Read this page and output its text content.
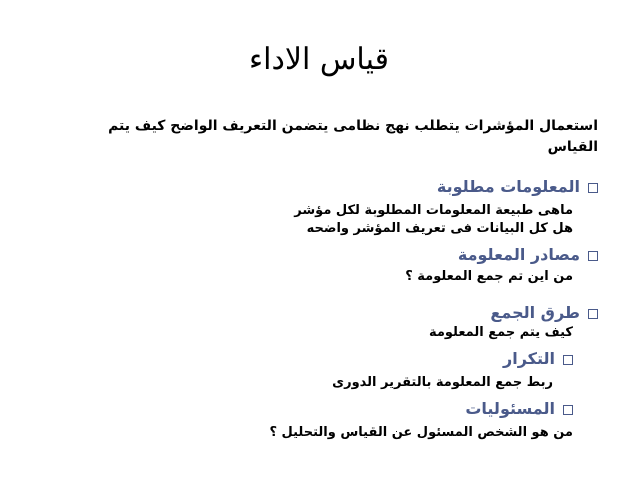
قياس الاداء
استعمال المؤشرات يتطلب نهج نظامى يتضمن التعريف الواضح كيف يتم القياس
المعلومات مطلوبة
ماهى طبيعة المعلومات المطلوبة لكل مؤشر
هل كل البيانات فى تعريف المؤشر واضحه
مصادر المعلومة
من اين تم جمع المعلومة ؟
طرق الجمع
كيف يتم جمع المعلومة
التكرار
ربط جمع المعلومة بالتقرير الدورى
المسئوليات
من هو الشخص المسئول عن القياس والتحليل ؟
